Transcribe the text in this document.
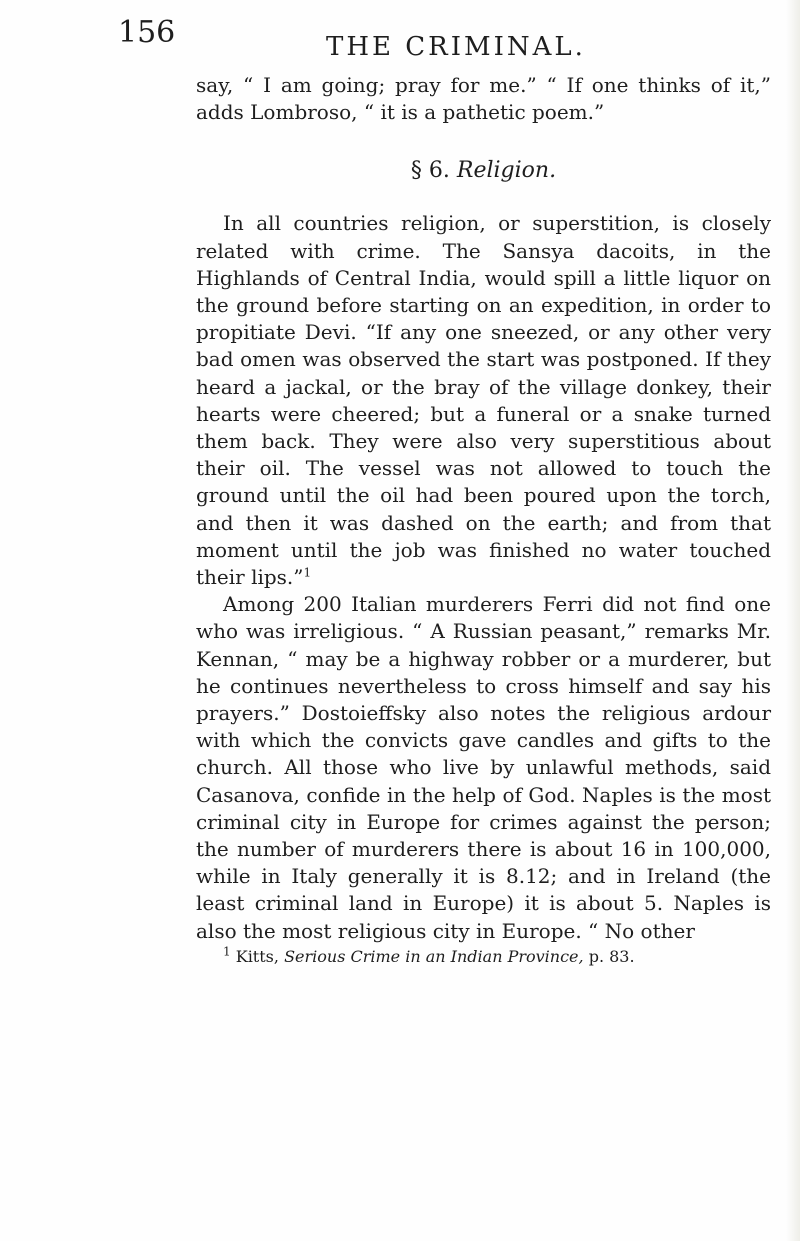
156	THE CRIMINAL.

say, “ I am going; pray for me.” “ If one thinks of it,” adds Lombroso, “ it is a pathetic poem.”

§ 6. Religion.

In all countries religion, or superstition, is closely related with crime. The Sansya dacoits, in the Highlands of Central India, would spill a little liquor on the ground before starting on an expedition, in order to propitiate Devi. “If any one sneezed, or any other very bad omen was observed the start was postponed. If they heard a jackal, or the bray of the village donkey, their hearts were cheered; but a funeral or a snake turned them back. They were also very superstitious about their oil. The vessel was not allowed to touch the ground until the oil had been poured upon the torch, and then it was dashed on the earth; and from that moment until the job was finished no water touched their lips.”$^1$

Among 200 Italian murderers Ferri did not find one who was irreligious. “ A Russian peasant,” remarks Mr. Kennan, “ may be a highway robber or a murderer, but he continues nevertheless to cross himself and say his prayers.” Dostoieffsky also notes the religious ardour with which the convicts gave candles and gifts to the church. All those who live by unlawful methods, said Casanova, confide in the help of God. Naples is the most criminal city in Europe for crimes against the person; the number of murderers there is about 16 in 100,000, while in Italy generally it is 8.12; and in Ireland (the least criminal land in Europe) it is about 5. Naples is also the most religious city in Europe. “ No other

$^1$ Kitts, Serious Crime in an Indian Province, p. 83.
